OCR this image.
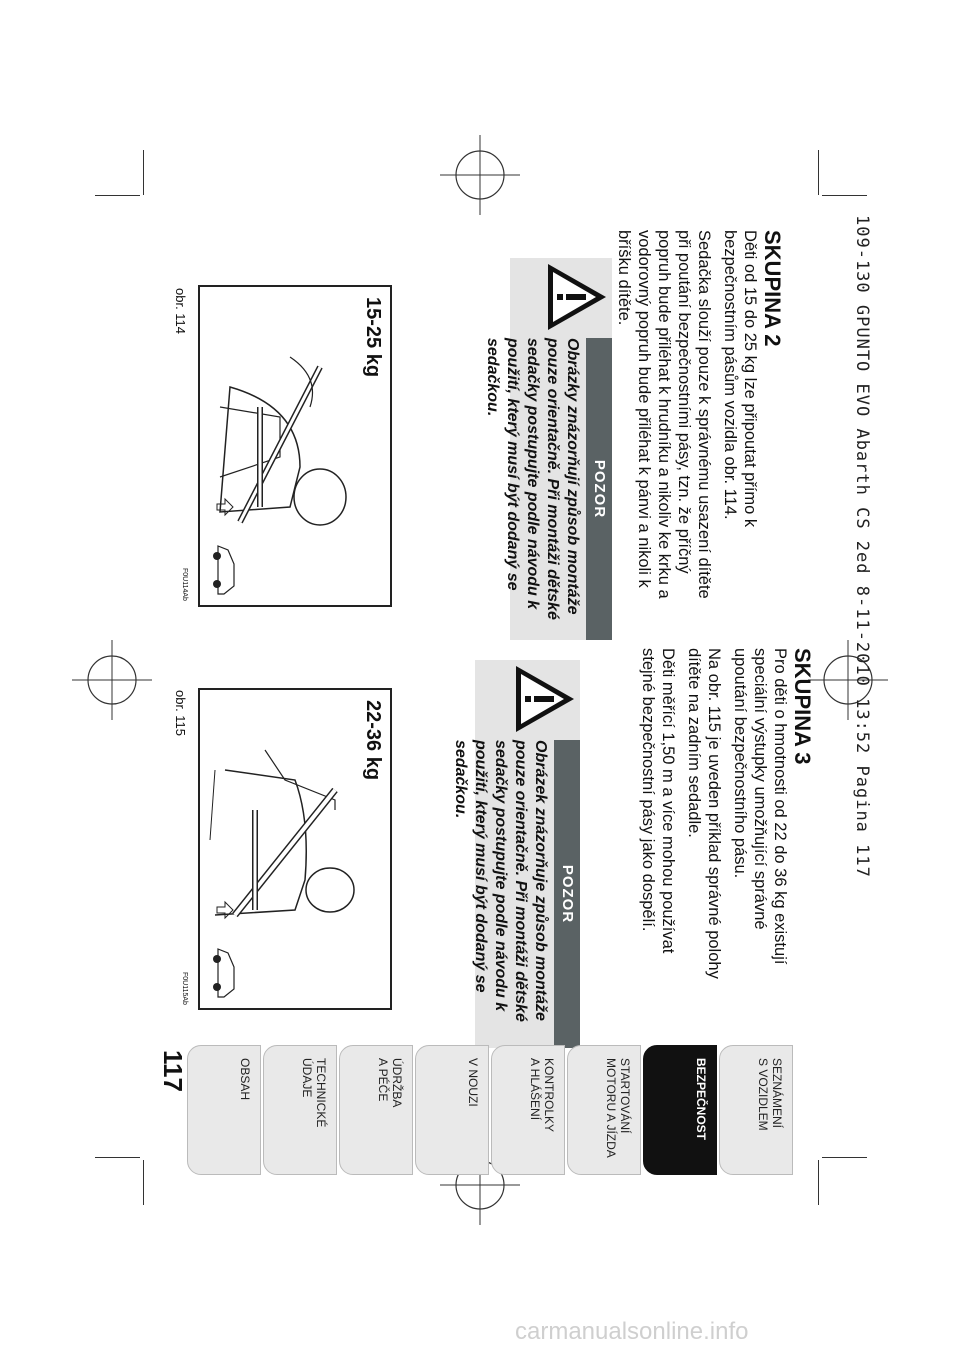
109-130 GPUNTO EVO Abarth CS 2ed 8-11-2010 13:52 Pagina 117
SKUPINA 2

Děti od 15 do 25 kg lze připoutat přímo k bezpečnostním pásům vozidla obr. 114.

Sedačka slouží pouze k správnému usazení dítěte při poutání bezpečnostními pásy, tzn. že příčný popruh bude přiléhat k hrudníku a nikoliv ke krku a vodorovný popruh bude přiléhat k pánvi a nikoli k bříšku dítěte.

POZOR
Obrázky znázorňují způsob montáže pouze orientačně. Při montáži dětské sedačky postupujte podle návodu k použití, který musí být dodaný se sedačkou.
15-25 kg
obr. 114
F0U114Ab
SKUPINA 3

Pro děti o hmotnosti od 22 do 36 kg existují speciální výstupky umožňující správné upoutání bezpečnostního pásu.

Na obr. 115 je uveden příklad správné polohy dítěte na zadním sedadle.

Děti měřící 1,50 m a více mohou používat stejné bezpečnostní pásy jako dospělí.

POZOR
Obrázek znázorňuje způsob montáže pouze orientačně. Při montáži dětské sedačky postupujte podle návodu k použití, který musí být dodaný se sedačkou.
22-36 kg
obr. 115
F0U115Ab
SEZNÁMENÍ
S VOZIDLEM
BEZPEČNOST
STARTOVÁNÍ
MOTORU A JÍZDA
KONTROLKY
A HLÁŠENÍ
V NOUZI
ÚDRŽBA
A PÉČE
TECHNICKÉ
ÚDAJE
OBSAH
117
carmanualsonline.info
